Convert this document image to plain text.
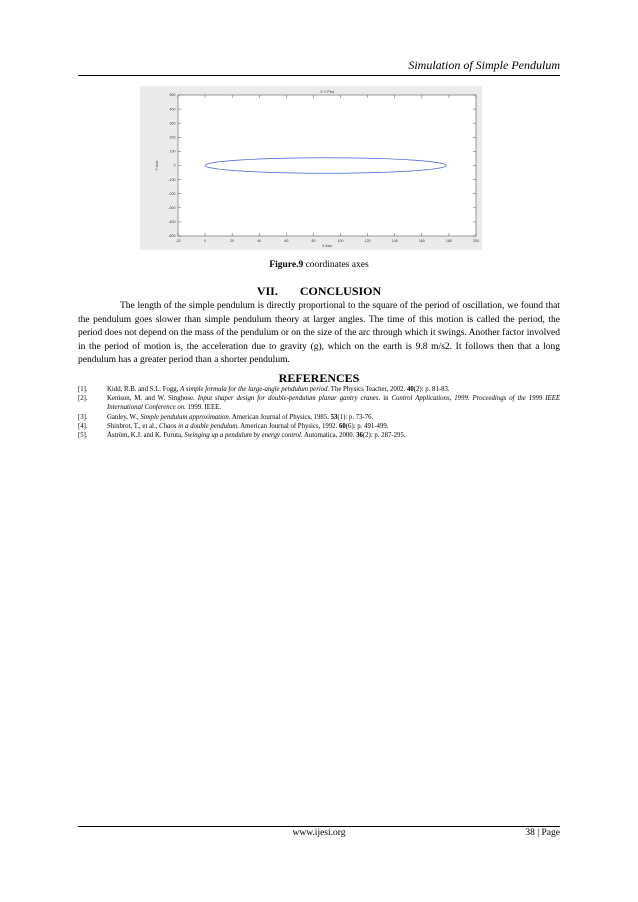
Simulation of Simple Pendulum
-20	0	20	40	60	80	100	120	140	160	180	200
500
400
300
200
100
0
-100
-200
-300
-400
-500
X Y Plot
X Axis
Y Axis
Figure.9 coordinates axes
VII. CONCLUSION
The length of the simple pendulum is directly proportional to the square of the period of oscillation, we found that the pendulum goes slower than simple pendulum theory at larger angles. The time of this motion is called the period, the period does not depend on the mass of the pendulum or on the size of the arc through which it swings. Another factor involved in the period of motion is, the acceleration due to gravity (g), which on the earth is 9.8 m/s2. It follows then that a long pendulum has a greater period than a shorter pendulum.
REFERENCES
[1].	Kidd, R.B. and S.L. Fogg, A simple formula for the large-angle pendulum period. The Physics Teacher, 2002. 40(2): p. 81-83.
[2].	Kenison, M. and W. Singhose. Input shaper design for double-pendulum planar gantry cranes. in Control Applications, 1999. Proceedings of the 1999 IEEE International Conference on. 1999. IEEE.
[3].	Ganley, W., Simple pendulum approximation. American Journal of Physics, 1985. 53(1): p. 73-76.
[4].	Shinbrot, T., et al., Chaos in a double pendulum. American Journal of Physics, 1992. 60(6): p. 491-499.
[5].	Åström, K.J. and K. Furuta, Swinging up a pendulum by energy control. Automatica, 2000. 36(2): p. 287-295.
www.ijesi.org	38 | Page
